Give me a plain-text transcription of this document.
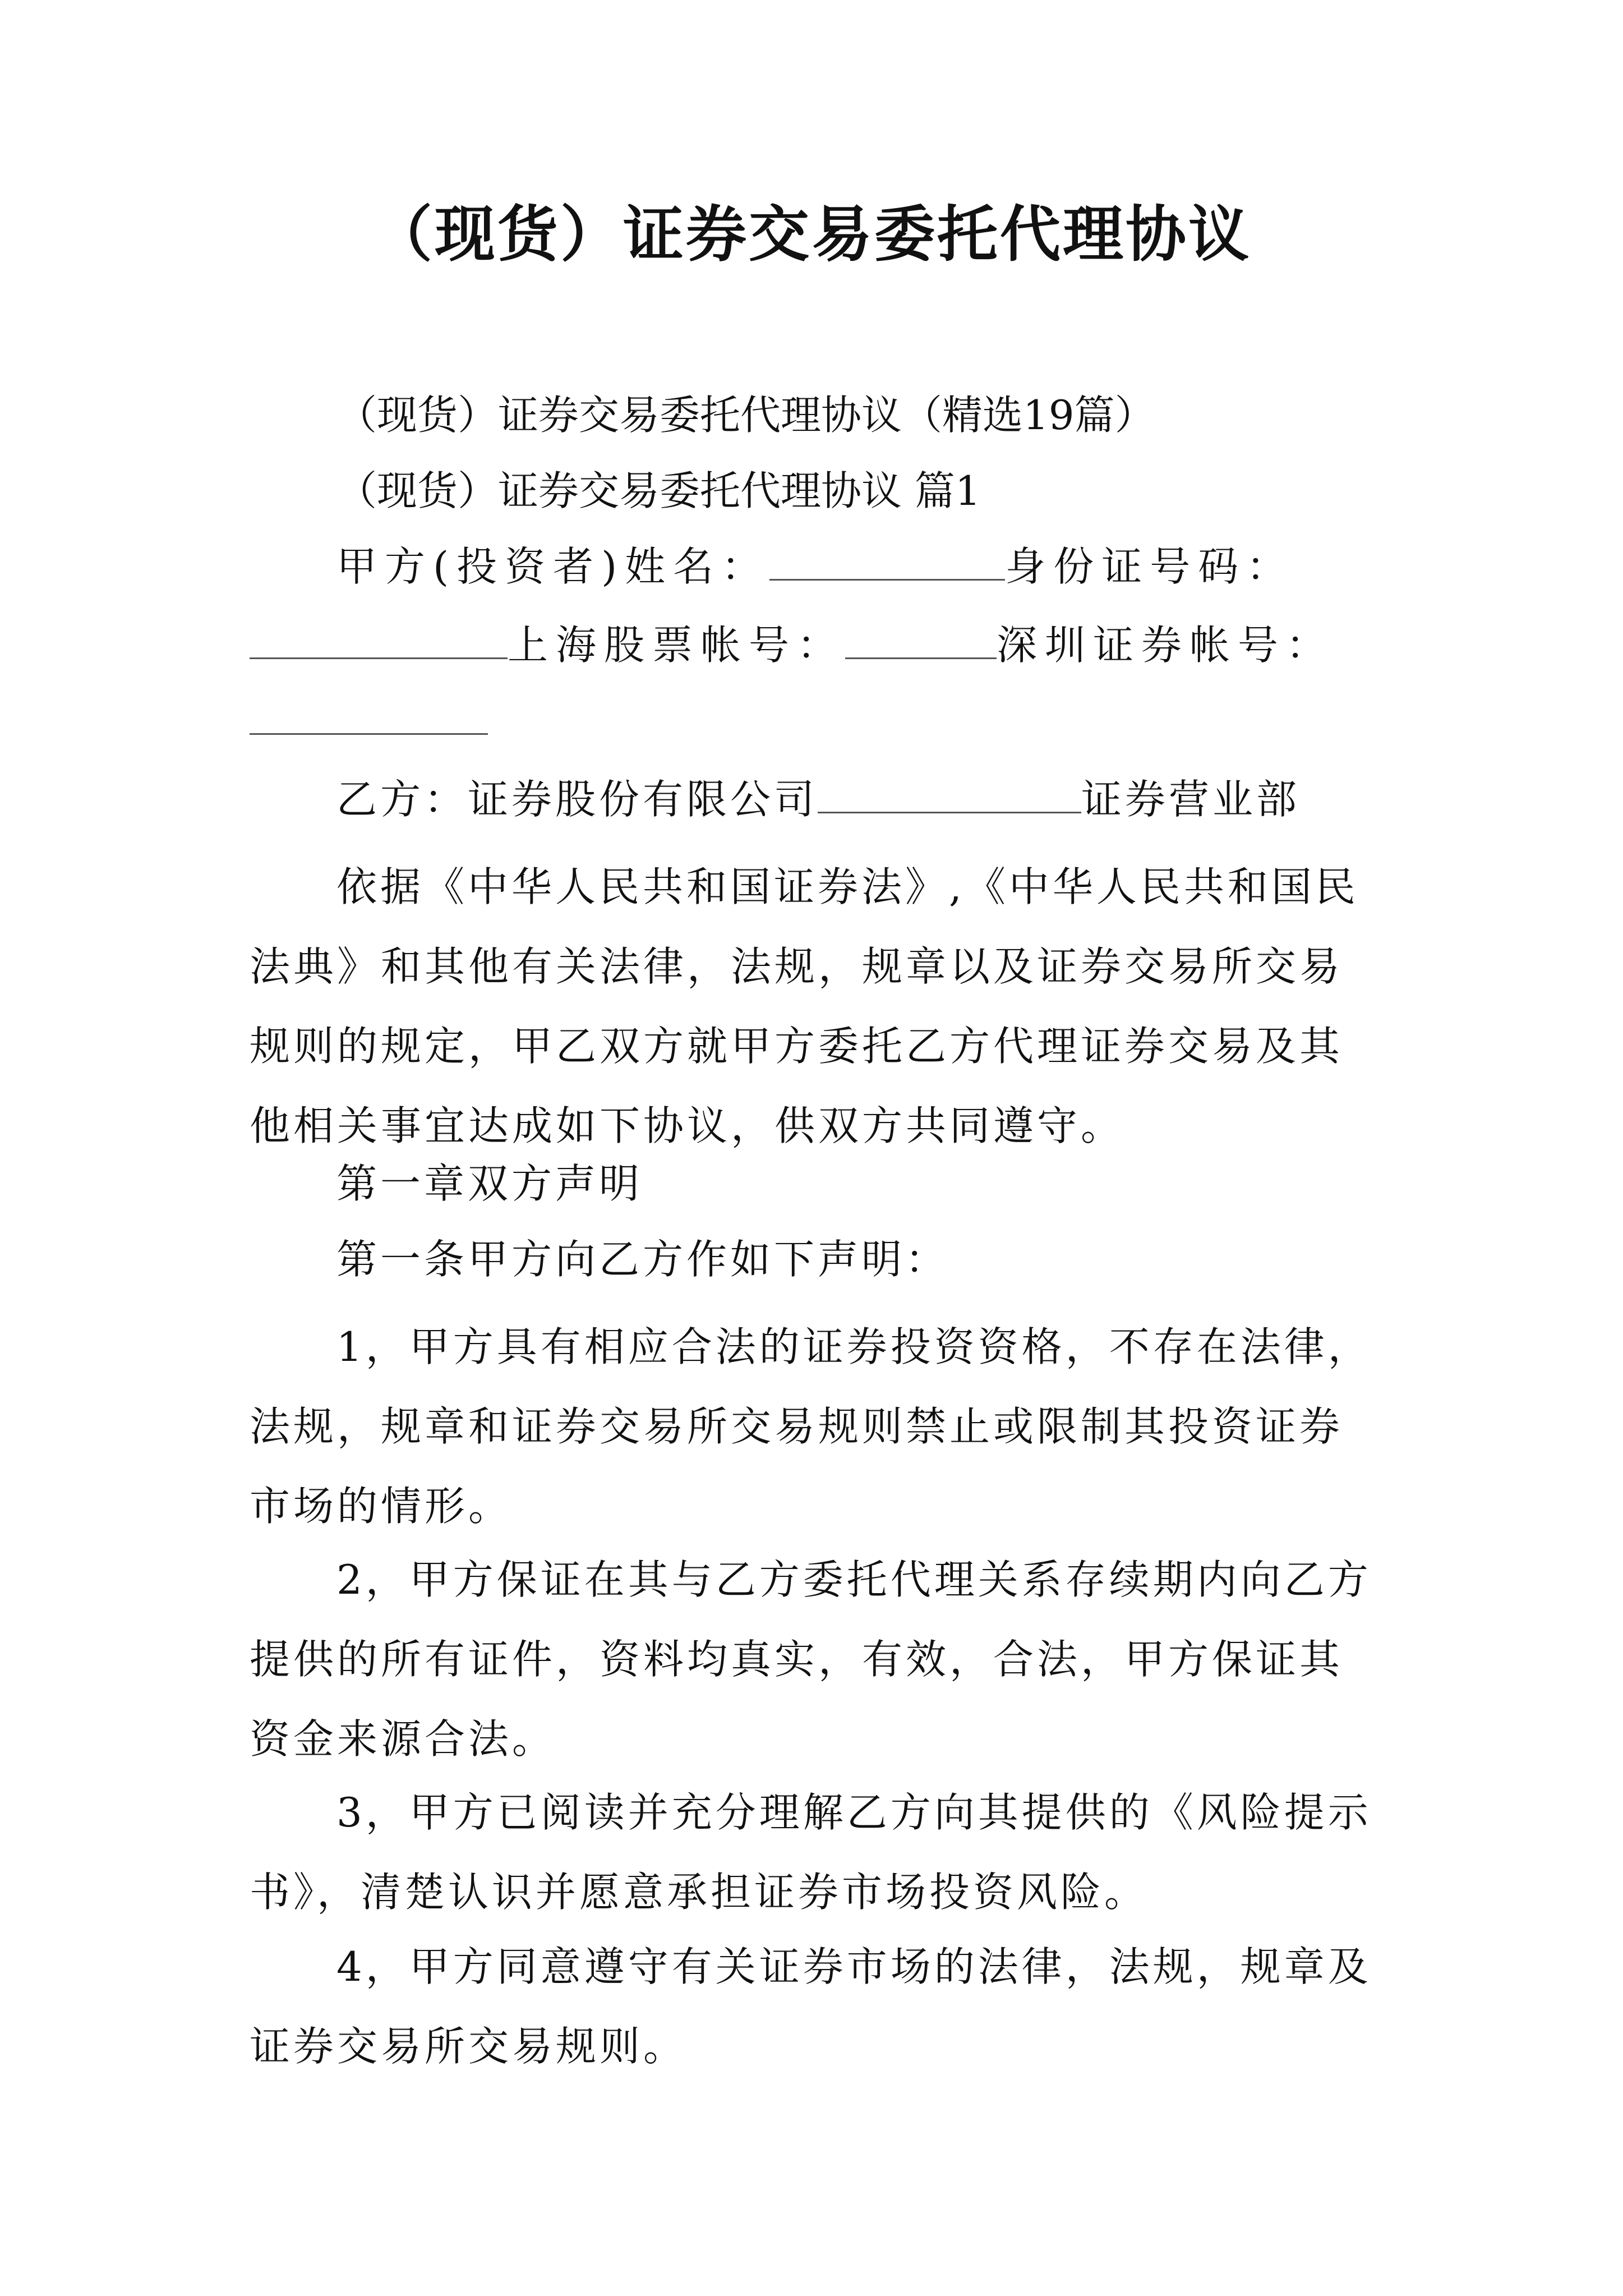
（现货）证券交易委托代理协议

（现货）证券交易委托代理协议（精选19篇）

（现货）证券交易委托代理协议 篇1

甲方(投资者)姓名：	身份证号码：

上海股票帐号：	深圳证券帐号：

乙方：证券股份有限公司	证券营业部

依据《中华人民共和国证券法》,《中华人民共和国民法典》和其他有关法律，法规，规章以及证券交易所交易规则的规定，甲乙双方就甲方委托乙方代理证券交易及其他相关事宜达成如下协议，供双方共同遵守。

第一章双方声明

第一条甲方向乙方作如下声明：

1，甲方具有相应合法的证券投资资格，不存在法律，法规，规章和证券交易所交易规则禁止或限制其投资证券市场的情形。

2，甲方保证在其与乙方委托代理关系存续期内向乙方提供的所有证件，资料均真实，有效，合法，甲方保证其资金来源合法。

3，甲方已阅读并充分理解乙方向其提供的《风险提示书》，清楚认识并愿意承担证券市场投资风险。

4，甲方同意遵守有关证券市场的法律，法规，规章及证券交易所交易规则。
